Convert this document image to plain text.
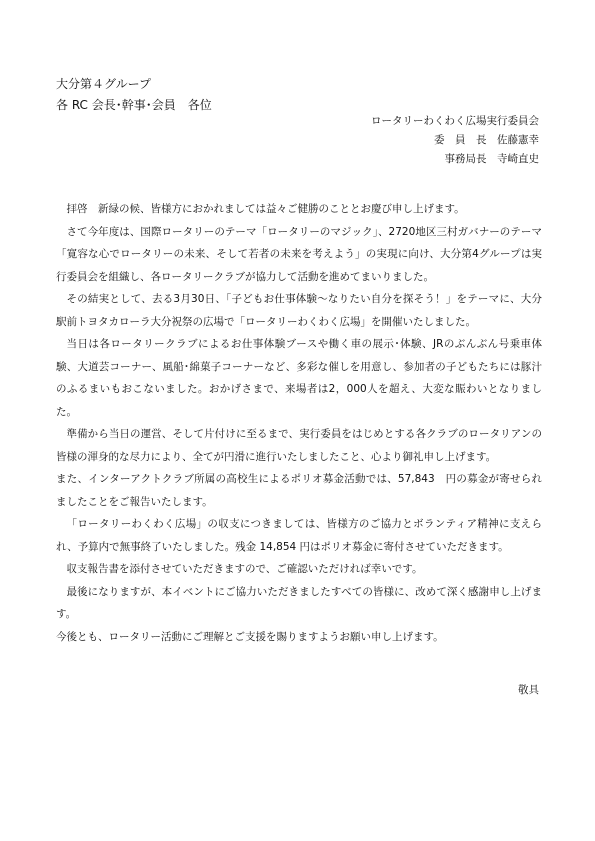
大分第４グループ
各 RC 会長･幹事･会員　各位
ロータリーわくわく広場実行委員会
委　員　長　佐藤憲幸
事務局長　寺崎直史

拝啓　新緑の候、皆様方におかれましては益々ご健勝のこととお慶び申し上げます。

さて今年度は、国際ロータリーのテーマ「ロータリーのマジック」、2720地区三村ガバナーのテーマ「寛容な心でロータリーの未来、そして若者の未来を考えよう」の実現に向け、大分第4グループは実行委員会を組織し、各ロータリークラブが協力して活動を進めてまいりました。

その結実として、去る3月30日、「子どもお仕事体験～なりたい自分を探そう！」をテーマに、大分駅前トヨタカローラ大分祝祭の広場で「ロータリーわくわく広場」を開催いたしました。

当日は各ロータリークラブによるお仕事体験ブースや働く車の展示･体験、JRのぶんぶん号乗車体験、大道芸コーナー、風船･綿菓子コーナーなど、多彩な催しを用意し、参加者の子どもたちには豚汁のふるまいもおこないました。おかげさまで、来場者は2，000人を超え、大変な賑わいとなりました。

準備から当日の運営、そして片付けに至るまで、実行委員をはじめとする各クラブのロータリアンの皆様の渾身的な尽力により、全てが円滑に進行いたしましたこと、心より御礼申し上げます。

また、インターアクトクラブ所属の高校生によるポリオ募金活動では、57,843　円の募金が寄せられましたことをご報告いたします。

「ロータリーわくわく広場」の収支につきましては、皆様方のご協力とボランティア精神に支えられ、予算内で無事終了いたしました。残金 14,854 円はポリオ募金に寄付させていただきます。

収支報告書を添付させていただきますので、ご確認いただければ幸いです。

最後になりますが、本イベントにご協力いただきましたすべての皆様に、改めて深く感謝申し上げます。

今後とも、ロータリー活動にご理解とご支援を賜りますようお願い申し上げます。

敬具
